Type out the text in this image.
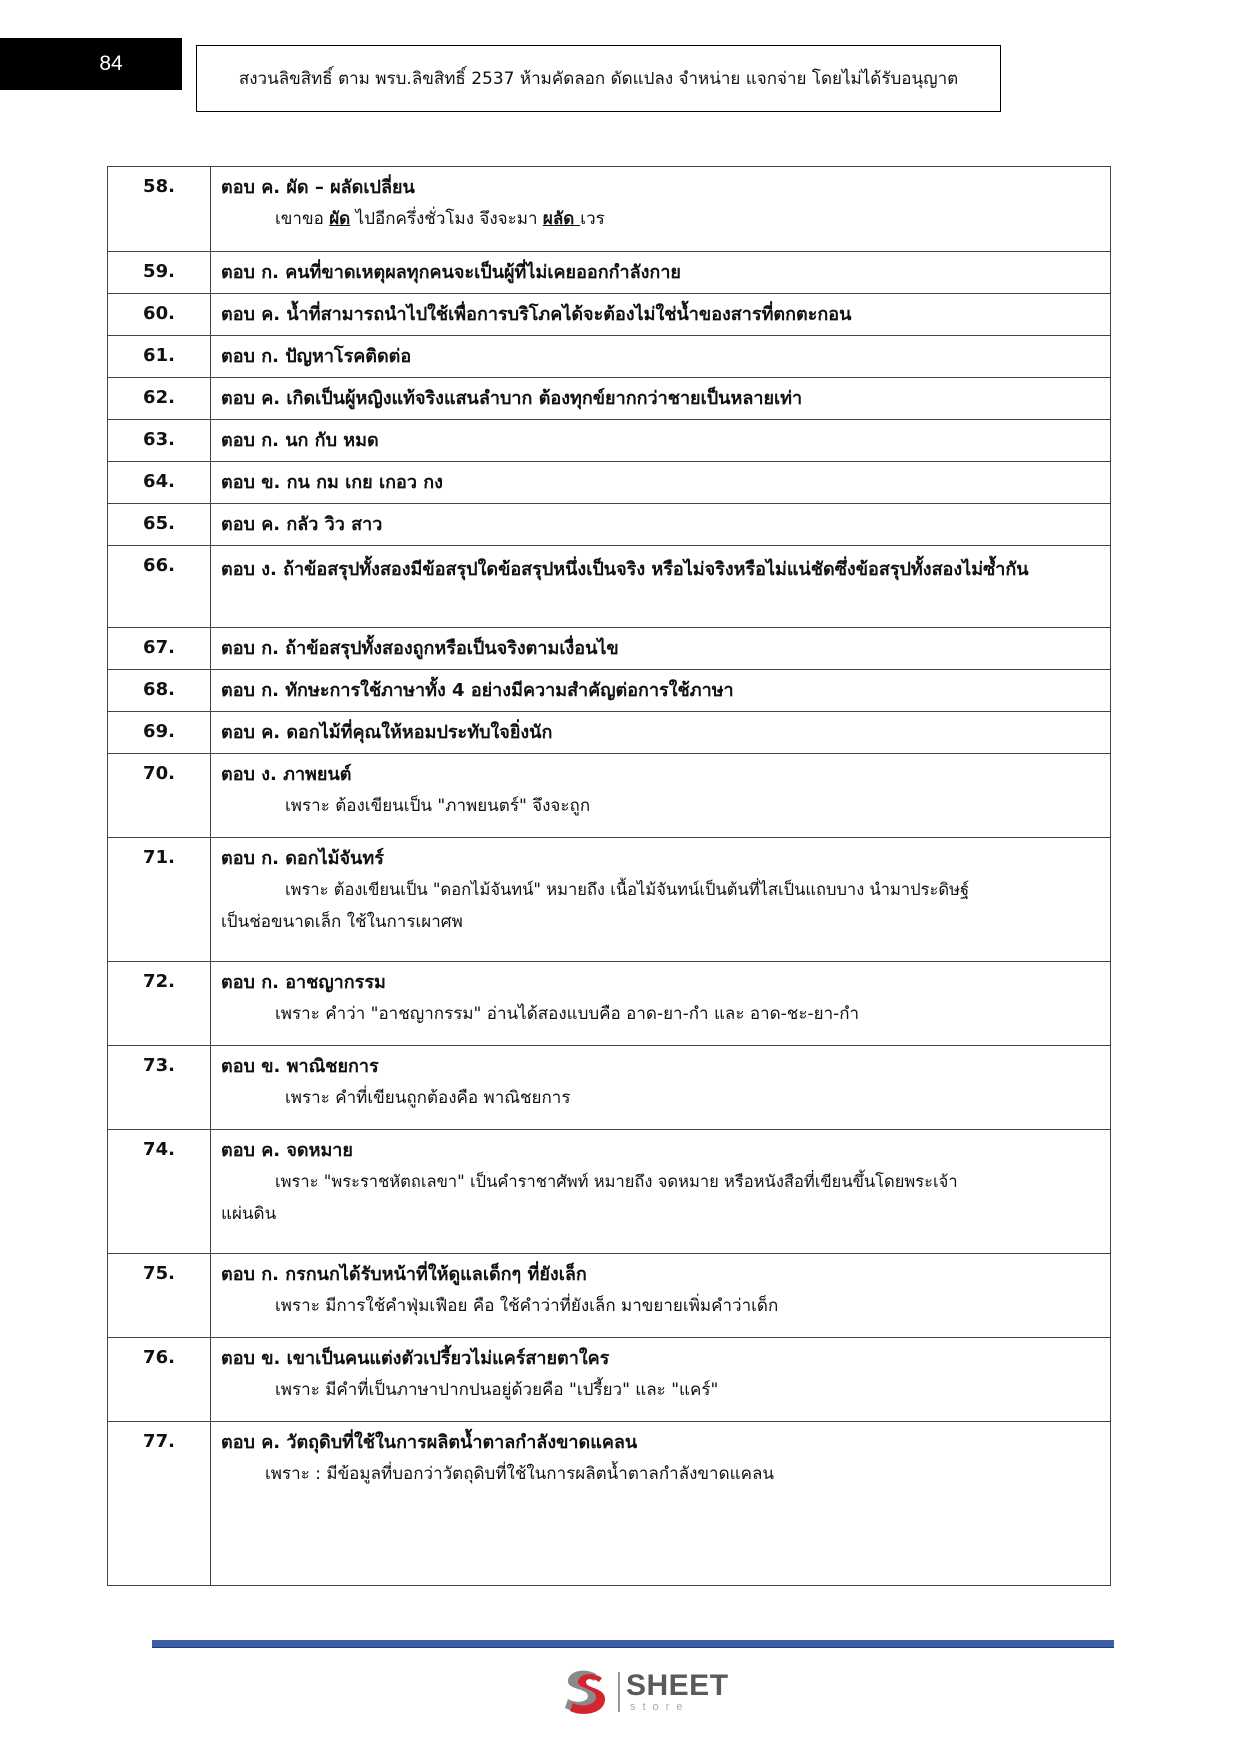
84
สงวนลิขสิทธิ์ ตาม พรบ.ลิขสิทธิ์ 2537 ห้ามคัดลอก ดัดแปลง จำหน่าย แจกจ่าย โดยไม่ได้รับอนุญาต
58.	ตอบ ค. ผัด – ผลัดเปลี่ยน
เขาขอ ผัด ไปอีกครึ่งชั่วโมง จึงจะมา ผลัด เวร

59.	ตอบ ก. คนที่ขาดเหตุผลทุกคนจะเป็นผู้ที่ไม่เคยออกกำลังกาย

60.	ตอบ ค. น้ำที่สามารถนำไปใช้เพื่อการบริโภคได้จะต้องไม่ใช่น้ำของสารที่ตกตะกอน

61.	ตอบ ก. ปัญหาโรคติดต่อ

62.	ตอบ ค. เกิดเป็นผู้หญิงแท้จริงแสนลำบาก ต้องทุกข์ยากกว่าชายเป็นหลายเท่า

63.	ตอบ ก. นก กับ หมด

64.	ตอบ ข. กน กม เกย เกอว กง

65.	ตอบ ค. กลัว วิว สาว

66.	ตอบ ง. ถ้าข้อสรุปทั้งสองมีข้อสรุปใดข้อสรุปหนึ่งเป็นจริง หรือไม่จริงหรือไม่แน่ชัดซึ่งข้อสรุปทั้งสองไม่ซ้ำกัน

67.	ตอบ ก. ถ้าข้อสรุปทั้งสองถูกหรือเป็นจริงตามเงื่อนไข

68.	ตอบ ก. ทักษะการใช้ภาษาทั้ง 4 อย่างมีความสำคัญต่อการใช้ภาษา

69.	ตอบ ค. ดอกไม้ที่คุณให้หอมประทับใจยิ่งนัก

70.	ตอบ ง. ภาพยนต์
เพราะ ต้องเขียนเป็น "ภาพยนตร์" จึงจะถูก

71.	ตอบ ก. ดอกไม้จันทร์
เพราะ ต้องเขียนเป็น "ดอกไม้จันทน์" หมายถึง เนื้อไม้จันทน์เป็นต้นที่ไสเป็นแถบบาง นำมาประดิษฐ์
เป็นช่อขนาดเล็ก ใช้ในการเผาศพ

72.	ตอบ ก. อาชญากรรม
เพราะ คำว่า "อาชญากรรม" อ่านได้สองแบบคือ อาด-ยา-กำ และ อาด-ชะ-ยา-กำ

73.	ตอบ ข. พาณิชยการ
เพราะ คำที่เขียนถูกต้องคือ พาณิชยการ

74.	ตอบ ค. จดหมาย
เพราะ "พระราชหัตถเลขา" เป็นคำราชาศัพท์ หมายถึง จดหมาย หรือหนังสือที่เขียนขึ้นโดยพระเจ้า
แผ่นดิน

75.	ตอบ ก. กรกนกได้รับหน้าที่ให้ดูแลเด็กๆ ที่ยังเล็ก
เพราะ มีการใช้คำฟุ่มเฟือย คือ ใช้คำว่าที่ยังเล็ก มาขยายเพิ่มคำว่าเด็ก

76.	ตอบ ข. เขาเป็นคนแต่งตัวเปรี้ยวไม่แคร์สายตาใคร
เพราะ มีคำที่เป็นภาษาปากปนอยู่ด้วยคือ "เปรี้ยว" และ "แคร์"

77.	ตอบ ค. วัตถุดิบที่ใช้ในการผลิตน้ำตาลกำลังขาดแคลน
เพราะ : มีข้อมูลที่บอกว่าวัตถุดิบที่ใช้ในการผลิตน้ำตาลกำลังขาดแคลน
SHEET
store
